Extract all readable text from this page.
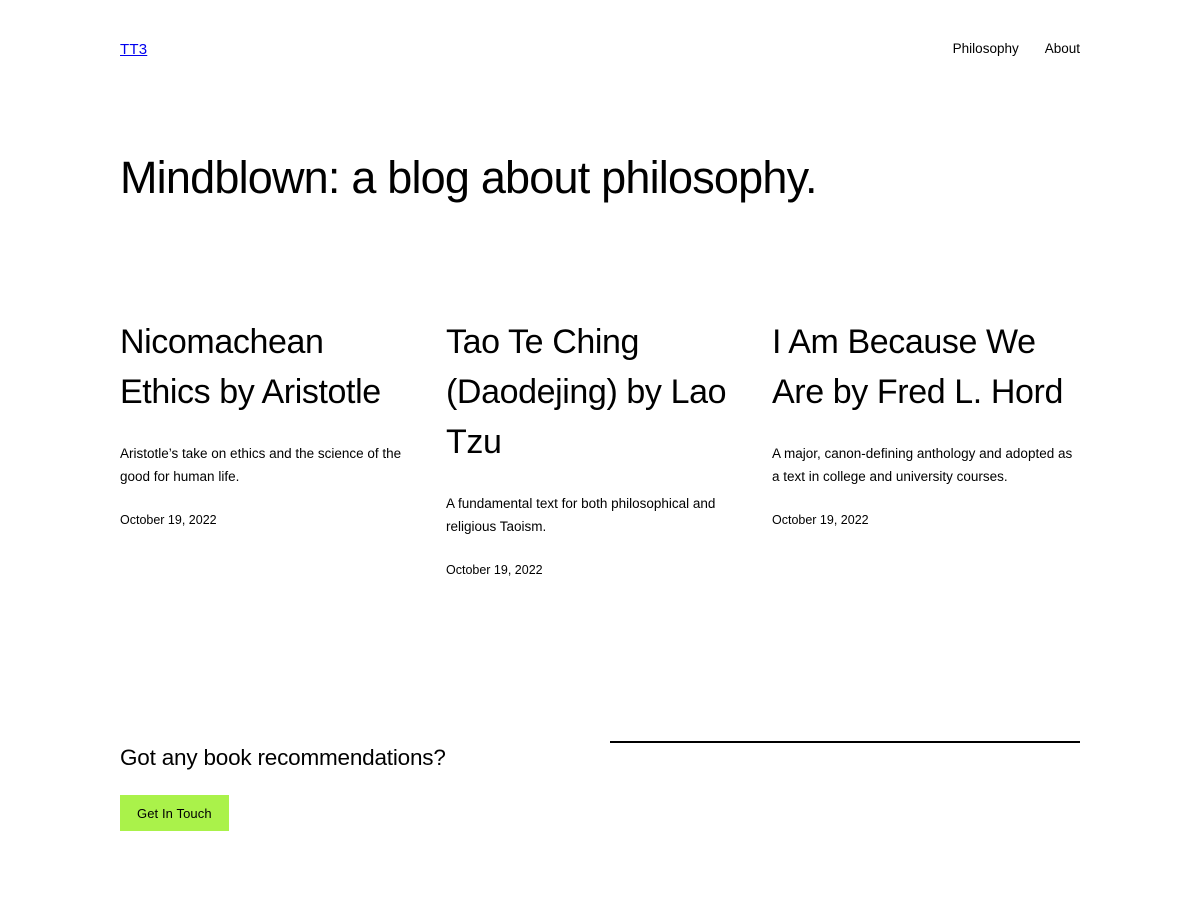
TT3	Philosophy About
Mindblown: a blog about philosophy.
Nicomachean Ethics by Aristotle

Aristotle’s take on ethics and the science of the good for human life.

October 19, 2022
Tao Te Ching (Daodejing) by Lao Tzu

A fundamental text for both philosophical and religious Taoism.

October 19, 2022
I Am Because We Are by Fred L. Hord

A major, canon-defining anthology and adopted as a text in college and university courses.

October 19, 2022
Got any book recommendations?
Get In Touch
